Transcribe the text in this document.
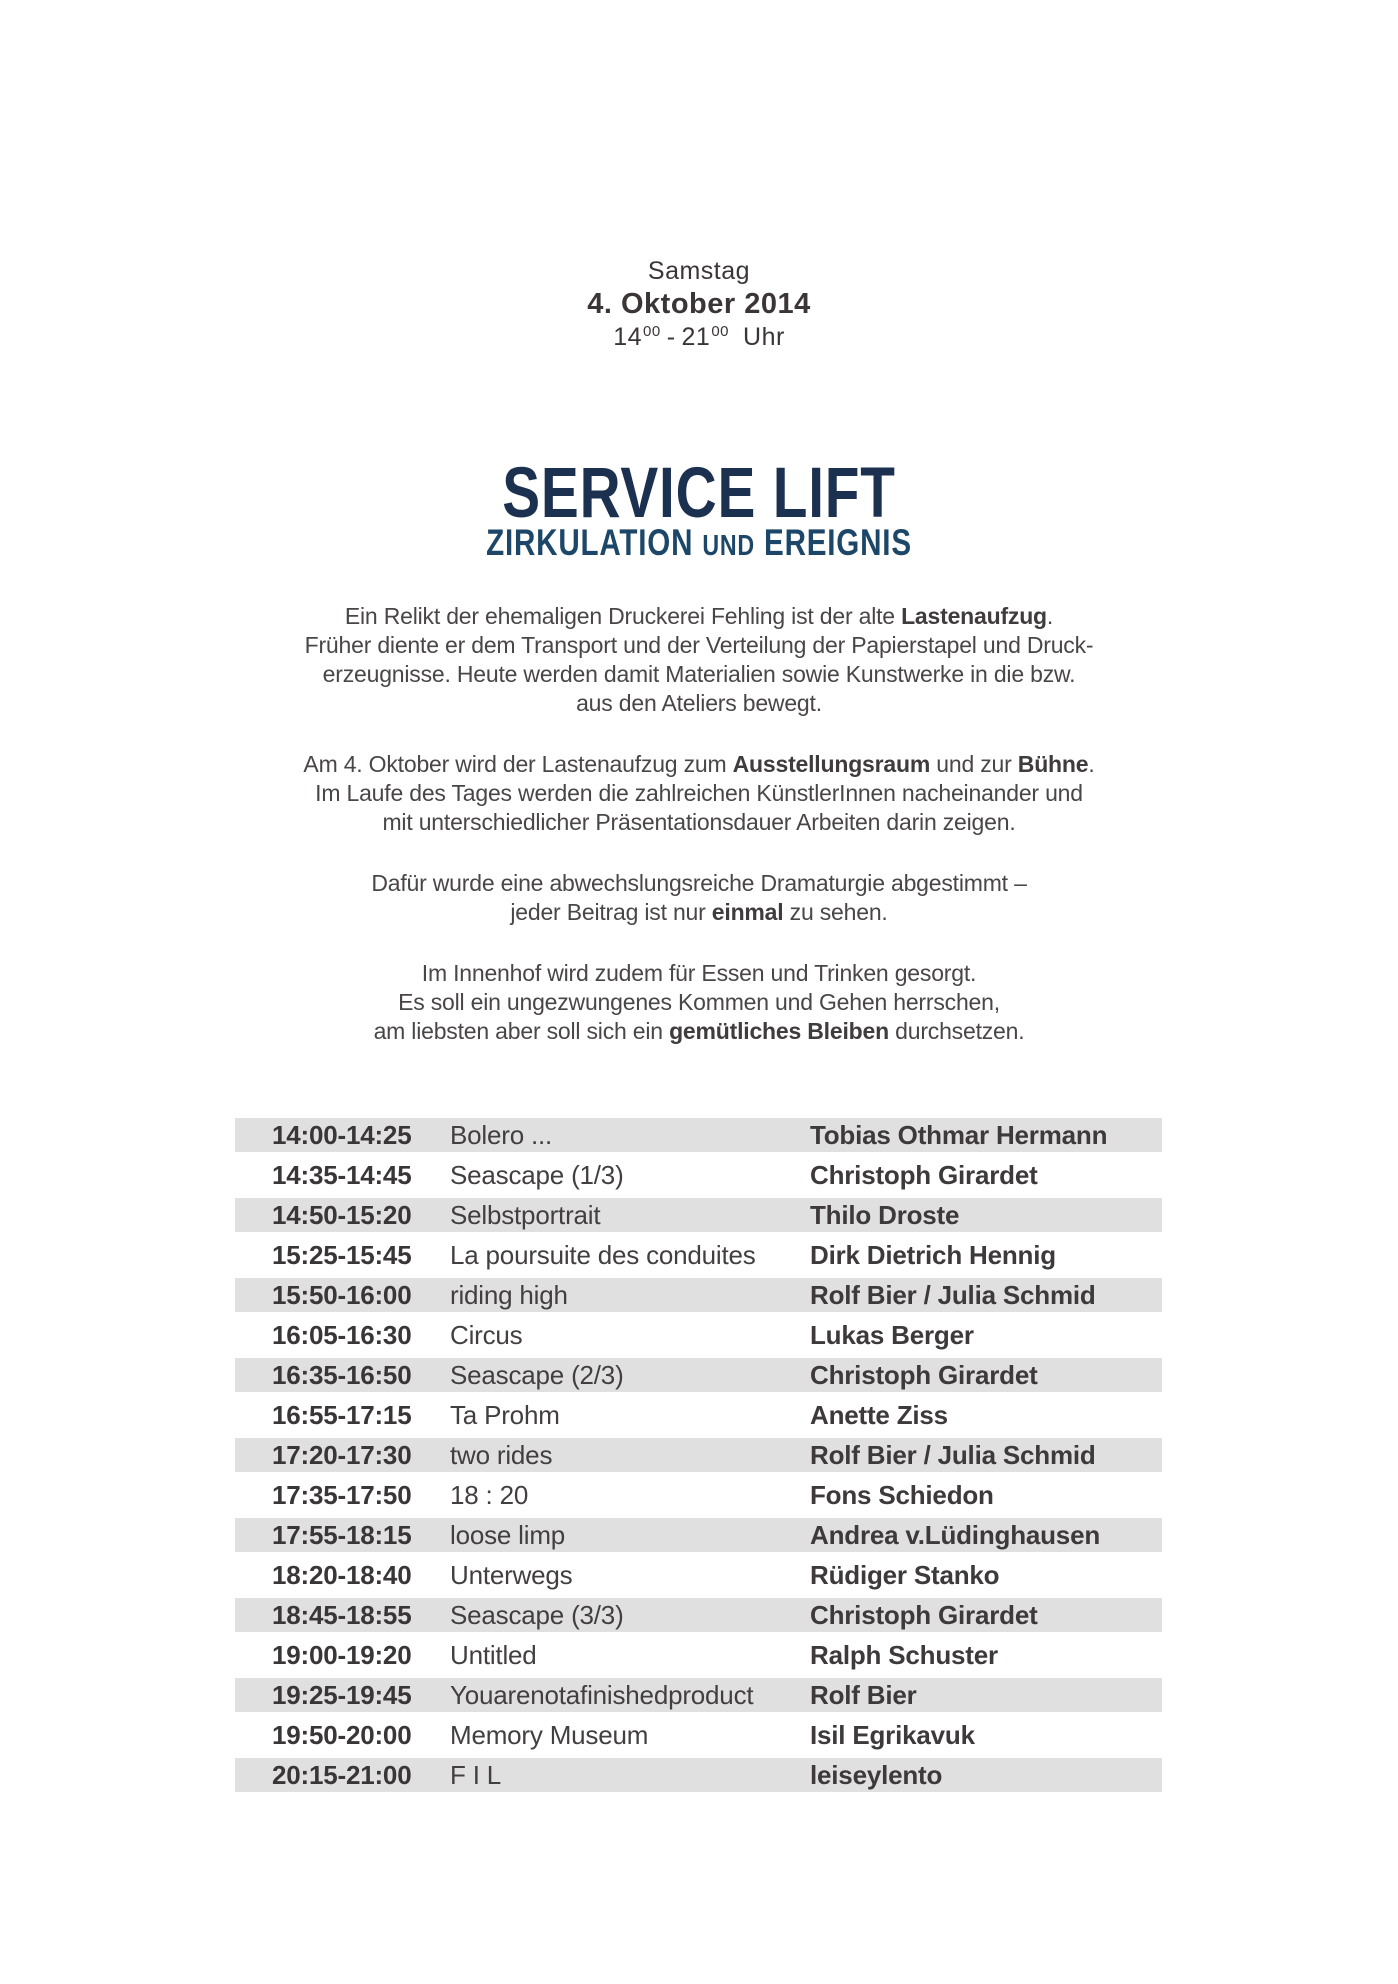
Samstag
4. Oktober 2014
$14^{00} - 21^{00}$ Uhr
SERVICE LIFT
ZIRKULATION UND EREIGNIS
Ein Relikt der ehemaligen Druckerei Fehling ist der alte Lastenaufzug.
Früher diente er dem Transport und der Verteilung der Papierstapel und Druck-
erzeugnisse. Heute werden damit Materialien sowie Kunstwerke in die bzw.
aus den Ateliers bewegt.
Am 4. Oktober wird der Lastenaufzug zum Ausstellungsraum und zur Bühne.
Im Laufe des Tages werden die zahlreichen KünstlerInnen nacheinander und
mit unterschiedlicher Präsentationsdauer Arbeiten darin zeigen.
Dafür wurde eine abwechslungsreiche Dramaturgie abgestimmt –
jeder Beitrag ist nur einmal zu sehen.
Im Innenhof wird zudem für Essen und Trinken gesorgt.
Es soll ein ungezwungenes Kommen und Gehen herrschen,
am liebsten aber soll sich ein gemütliches Bleiben durchsetzen.
14:00-14:25	Bolero ...	Tobias Othmar Hermann
14:35-14:45	Seascape (1/3)	Christoph Girardet
14:50-15:20	Selbstportrait	Thilo Droste
15:25-15:45	La poursuite des conduites	Dirk Dietrich Hennig
15:50-16:00	riding high	Rolf Bier / Julia Schmid
16:05-16:30	Circus	Lukas Berger
16:35-16:50	Seascape (2/3)	Christoph Girardet
16:55-17:15	Ta Prohm	Anette Ziss
17:20-17:30	two rides	Rolf Bier / Julia Schmid
17:35-17:50	18 : 20	Fons Schiedon
17:55-18:15	loose limp	Andrea v.Lüdinghausen
18:20-18:40	Unterwegs	Rüdiger Stanko
18:45-18:55	Seascape (3/3)	Christoph Girardet
19:00-19:20	Untitled	Ralph Schuster
19:25-19:45	Youarenotafinishedproduct	Rolf Bier
19:50-20:00	Memory Museum	Isil Egrikavuk
20:15-21:00	F I L	leiseylento
